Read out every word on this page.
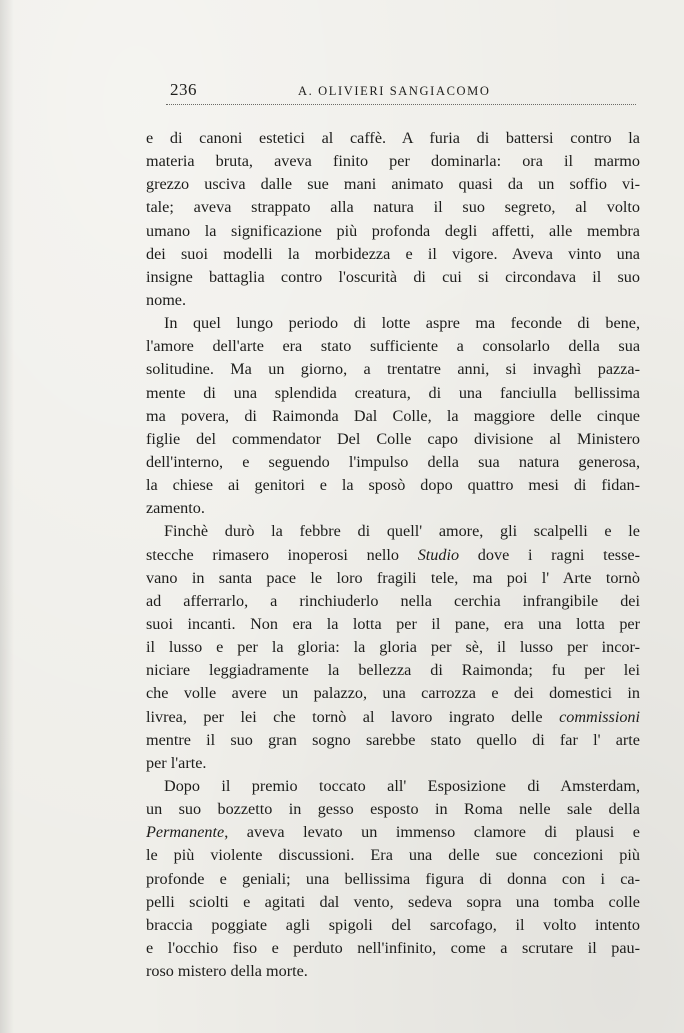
236	A. OLIVIERI SANGIACOMO
e di canoni estetici al caffè. A furia di battersi contro la
materia bruta, aveva finito per dominarla: ora il marmo
grezzo usciva dalle sue mani animato quasi da un soffio vi-
tale; aveva strappato alla natura il suo segreto, al volto
umano la significazione più profonda degli affetti, alle membra
dei suoi modelli la morbidezza e il vigore. Aveva vinto una
insigne battaglia contro l'oscurità di cui si circondava il suo
nome.
In quel lungo periodo di lotte aspre ma feconde di bene,
l'amore dell'arte era stato sufficiente a consolarlo della sua
solitudine. Ma un giorno, a trentatre anni, si invaghì pazza-
mente di una splendida creatura, di una fanciulla bellissima
ma povera, di Raimonda Dal Colle, la maggiore delle cinque
figlie del commendator Del Colle capo divisione al Ministero
dell'interno, e seguendo l'impulso della sua natura generosa,
la chiese ai genitori e la sposò dopo quattro mesi di fidan-
zamento.
Finchè durò la febbre di quell' amore, gli scalpelli e le
stecche rimasero inoperosi nello Studio dove i ragni tesse-
vano in santa pace le loro fragili tele, ma poi l' Arte tornò
ad afferrarlo, a rinchiuderlo nella cerchia infrangibile dei
suoi incanti. Non era la lotta per il pane, era una lotta per
il lusso e per la gloria: la gloria per sè, il lusso per incor-
niciare leggiadramente la bellezza di Raimonda; fu per lei
che volle avere un palazzo, una carrozza e dei domestici in
livrea, per lei che tornò al lavoro ingrato delle commissioni
mentre il suo gran sogno sarebbe stato quello di far l' arte
per l'arte.
Dopo il premio toccato all' Esposizione di Amsterdam,
un suo bozzetto in gesso esposto in Roma nelle sale della
Permanente, aveva levato un immenso clamore di plausi e
le più violente discussioni. Era una delle sue concezioni più
profonde e geniali; una bellissima figura di donna con i ca-
pelli sciolti e agitati dal vento, sedeva sopra una tomba colle
braccia poggiate agli spigoli del sarcofago, il volto intento
e l'occhio fiso e perduto nell'infinito, come a scrutare il pau-
roso mistero della morte.
